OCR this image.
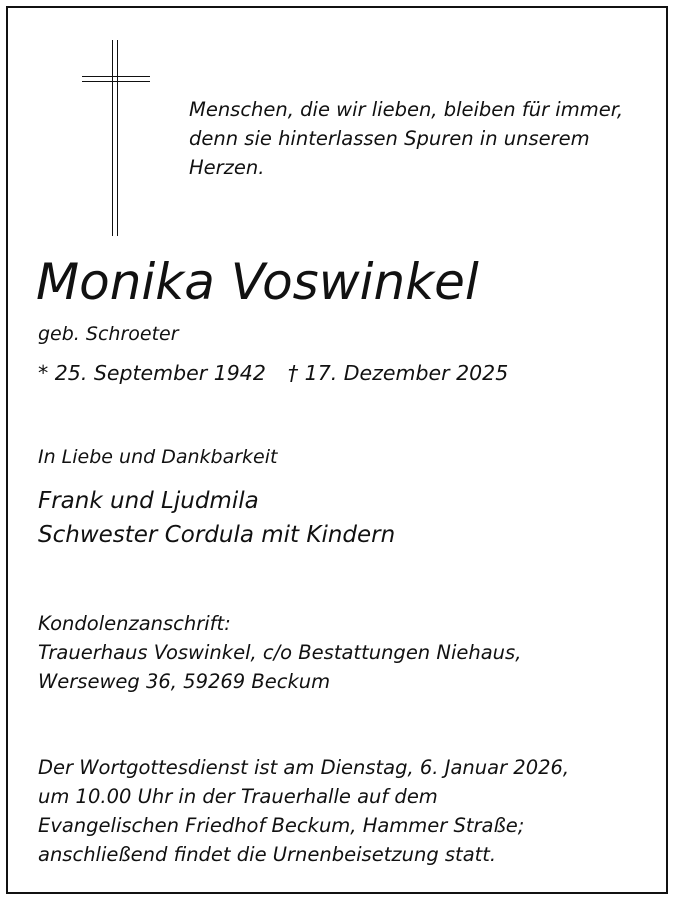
Menschen, die wir lieben, bleiben für immer,
denn sie hinterlassen Spuren in unserem
Herzen.

Monika Voswinkel
geb. Schroeter
* 25. September 1942 † 17. Dezember 2025
In Liebe und Dankbarkeit
Frank und Ljudmila
Schwester Cordula mit Kindern
Kondolenzanschrift:
Trauerhaus Voswinkel, c/o Bestattungen Niehaus,
Werseweg 36, 59269 Beckum
Der Wortgottesdienst ist am Dienstag, 6. Januar 2026,
um 10.00 Uhr in der Trauerhalle auf dem
Evangelischen Friedhof Beckum, Hammer Straße;
anschließend findet die Urnenbeisetzung statt.
